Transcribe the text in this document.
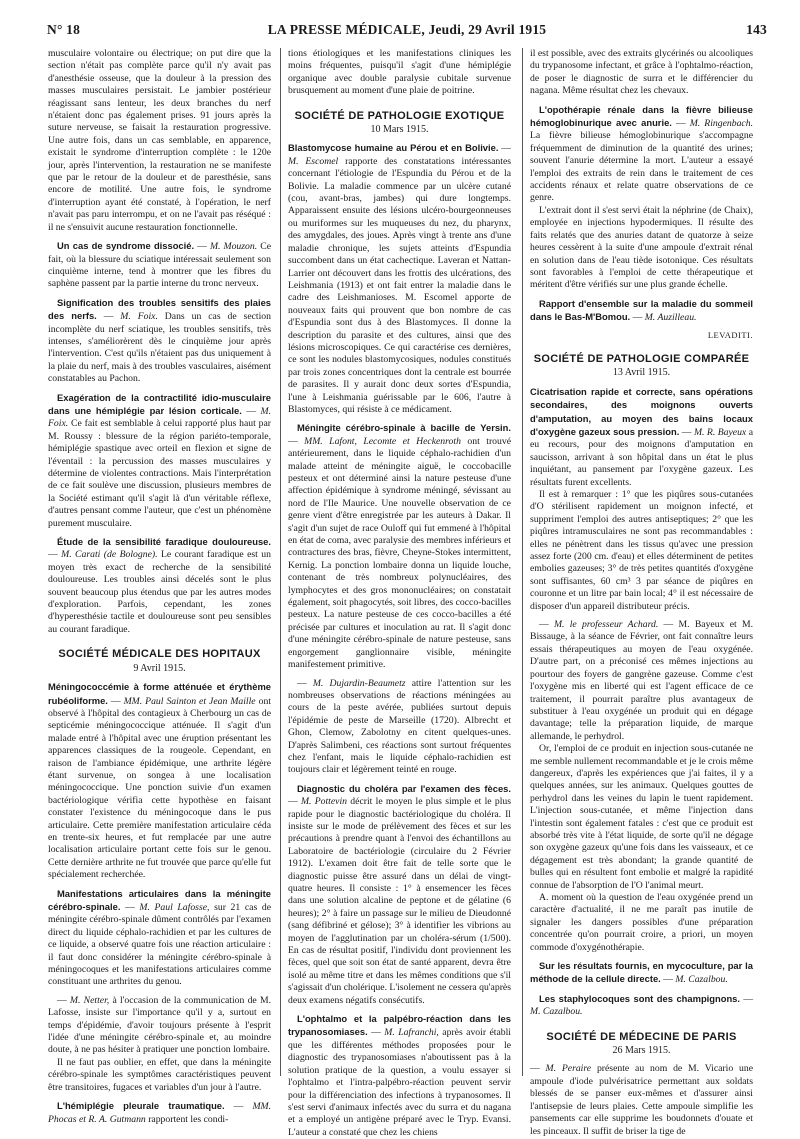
N° 18	LA PRESSE MÉDICALE, Jeudi, 29 Avril 1915	143

musculaire volontaire ou électrique; on put dire que la section n'était pas complète parce qu'il n'y avait pas d'anesthésie osseuse, que la douleur à la pression des masses musculaires persistait. Le jambier postérieur réagissant sans lenteur, les deux branches du nerf n'étaient donc pas également prises. 91 jours après la suture nerveuse, se faisait la restauration progressive. Une autre fois, dans un cas semblable, en apparence, existait le syndrome d'interruption complète : le 120e jour, après l'intervention, la restauration ne se manifeste que par le retour de la douleur et de paresthésie, sans encore de motilité. Une autre fois, le syndrome d'interruption ayant été constaté, à l'opération, le nerf n'avait pas paru interrompu, et on ne l'avait pas réséqué : il ne s'ensuivit aucune restauration fonctionnelle.

Un cas de syndrome dissocié. — M. Mouzon. Ce fait, où la blessure du sciatique intéressait seulement son cinquième interne, tend à montrer que les fibres du saphène passent par la partie interne du tronc nerveux.

Signification des troubles sensitifs des plaies des nerfs. — M. Foix. Dans un cas de section incomplète du nerf sciatique, les troubles sensitifs, très intenses, s'améliorèrent dès le cinquième jour après l'intervention. C'est qu'ils n'étaient pas dus uniquement à la plaie du nerf, mais à des troubles vasculaires, aisément constatables au Pachon.

Exagération de la contractilité idio-musculaire dans une hémiplégie par lésion corticale. — M. Foix. Ce fait est semblable à celui rapporté plus haut par M. Roussy : blessure de la région pariéto-temporale, hémiplégie spastique avec orteil en flexion et signe de l'éventail : la percussion des masses musculaires y détermine de violentes contractions. Mais l'interprétation de ce fait soulève une discussion, plusieurs membres de la Société estimant qu'il s'agit là d'un véritable réflexe, d'autres pensant comme l'auteur, que c'est un phénomène purement musculaire.

Étude de la sensibilité faradique douloureuse. — M. Carati (de Bologne). Le courant faradique est un moyen très exact de recherche de la sensibilité douloureuse. Les troubles ainsi décelés sont le plus souvent beaucoup plus étendus que par les autres modes d'exploration. Parfois, cependant, les zones d'hyperesthésie tactile et douloureuse sont peu sensibles au courant faradique.

SOCIÉTÉ MÉDICALE DES HOPITAUX
9 Avril 1915.

Méningococcémie à forme atténuée et érythème rubéoliforme. — MM. Paul Sainton et Jean Maille ont observé à l'hôpital des contagieux à Cherbourg un cas de septicémie méningococcique atténuée. Il s'agit d'un malade entré à l'hôpital avec une éruption présentant les apparences classiques de la rougeole. Cependant, en raison de l'ambiance épidémique, une arthrite légère étant survenue, on songea à une localisation méningococcique. Une ponction suivie d'un examen bactériologique vérifia cette hypothèse en faisant constater l'existence du méningocoque dans le pus articulaire. Cette première manifestation articulaire céda en trente-six heures, et fut remplacée par une autre localisation articulaire portant cette fois sur le genou. Cette dernière arthrite ne fut trouvée que parce qu'elle fut spécialement recherchée.

Manifestations articulaires dans la méningite cérébro-spinale. — M. Paul Lafosse, sur 21 cas de méningite cérébro-spinale dûment contrôlés par l'examen direct du liquide céphalo-rachidien et par les cultures de ce liquide, a observé quatre fois une réaction articulaire : il faut donc considérer la méningite cérébro-spinale à méningocoques et les manifestations articulaires comme constituant une arthrites du genou.

— M. Netter, à l'occasion de la communication de M. Lafosse, insiste sur l'importance qu'il y a, surtout en temps d'épidémie, d'avoir toujours présente à l'esprit l'idée d'une méningite cérébro-spinale et, au moindre doute, à ne pas hésiter à pratiquer une ponction lombaire.

Il ne faut pas oublier, en effet, que dans la méningite cérébro-spinale les symptômes caractéristiques peuvent être transitoires, fugaces et variables d'un jour à l'autre.

L'hémiplégie pleurale traumatique. — MM. Phocas et R. A. Gutmann rapportent les condi-

tions étiologiques et les manifestations cliniques les moins fréquentes, puisqu'il s'agit d'une hémiplégie organique avec double paralysie cubitale survenue brusquement au moment d'une plaie de poitrine.

SOCIÉTÉ DE PATHOLOGIE EXOTIQUE
10 Mars 1915.

Blastomycose humaine au Pérou et en Bolivie. — M. Escomel rapporte des constatations intéressantes concernant l'étiologie de l'Espundia du Pérou et de la Bolivie. La maladie commence par un ulcère cutané (cou, avant-bras, jambes) qui dure longtemps. Apparaissent ensuite des lésions ulcéro-bourgeonneuses ou muriformes sur les muqueuses du nez, du pharynx, des amygdales, des joues. Après vingt à trente ans d'une maladie chronique, les sujets atteints d'Espundia succombent dans un état cachectique. Laveran et Nattan-Larrier ont découvert dans les frottis des ulcérations, des Leishmania (1913) et ont fait entrer la maladie dans le cadre des Leishmanioses. M. Escomel apporte de nouveaux faits qui prouvent que bon nombre de cas d'Espundia sont dus à des Blastomyces. Il donne la description du parasite et des cultures, ainsi que des lésions microscopiques. Ce qui caractérise ces dernières, ce sont les nodules blastomycosiques, nodules constitués par trois zones concentriques dont la centrale est bourrée de parasites. Il y aurait donc deux sortes d'Espundia, l'une à Leishmania guérissable par le 606, l'autre à Blastomyces, qui résiste à ce médicament.

Méningite cérébro-spinale à bacille de Yersin. — MM. Lafont, Lecomte et Heckenroth ont trouvé antérieurement, dans le liquide céphalo-rachidien d'un malade atteint de méningite aiguë, le coccobacille pesteux et ont déterminé ainsi la nature pesteuse d'une affection épidémique à syndrome méningé, sévissant au nord de l'Ile Maurice. Une nouvelle observation de ce genre vient d'être enregistrée par les auteurs à Dakar. Il s'agit d'un sujet de race Ouloff qui fut emmené à l'hôpital en état de coma, avec paralysie des membres inférieurs et contractures des bras, fièvre, Cheyne-Stokes intermittent, Kernig. La ponction lombaire donna un liquide louche, contenant de très nombreux polynucléaires, des lymphocytes et des gros mononucléaires; on constatait également, soit phagocytés, soit libres, des cocco-bacilles pesteux. La nature pesteuse de ces cocco-bacilles a été précisée par cultures et inoculation au rat. Il s'agit donc d'une méningite cérébro-spinale de nature pesteuse, sans engorgement ganglionnaire visible, méningite manifestement primitive.

— M. Dujardin-Beaumetz attire l'attention sur les nombreuses observations de réactions méningées au cours de la peste avérée, publiées surtout depuis l'épidémie de peste de Marseille (1720). Albrecht et Ghon, Clemow, Zabolotny en citent quelques-unes. D'après Salimbeni, ces réactions sont surtout fréquentes chez l'enfant, mais le liquide céphalo-rachidien est toujours clair et légèrement teinté en rouge.

Diagnostic du choléra par l'examen des fèces. — M. Pottevin décrit le moyen le plus simple et le plus rapide pour le diagnostic bactériologique du choléra. Il insiste sur le mode de prélèvement des fèces et sur les précautions à prendre quant à l'envoi des échantillons au Laboratoire de bactériologie (circulaire du 2 Février 1912). L'examen doit être fait de telle sorte que le diagnostic puisse être assuré dans un délai de vingt-quatre heures. Il consiste : 1° à ensemencer les fèces dans une solution alcaline de peptone et de gélatine (6 heures); 2° à faire un passage sur le milieu de Dieudonné (sang défibriné et gélose); 3° à identifier les vibrions au moyen de l'agglutination par un choléra-sérum (1/500). En cas de résultat positif, l'individu dont proviennent les fèces, quel que soit son état de santé apparent, devra être isolé au même titre et dans les mêmes conditions que s'il s'agissait d'un cholérique. L'isolement ne cessera qu'après deux examens négatifs consécutifs.

L'ophtalmo et la palpébro-réaction dans les trypanosomiases. — M. Lafranchi, après avoir établi que les différentes méthodes proposées pour le diagnostic des trypanosomiases n'aboutissent pas à la solution pratique de la question, a voulu essayer si l'ophtalmo et l'intra-palpébro-réaction peuvent servir pour la différenciation des infections à trypanosomes. Il s'est servi d'animaux infectés avec du surra et du nagana et a employé un antigène préparé avec le Tryp. Evansi. L'auteur a constaté que chez les chiens

il est possible, avec des extraits glycérinés ou alcooliques du trypanosome infectant, et grâce à l'ophtalmo-réaction, de poser le diagnostic de surra et le différencier du nagana. Même résultat chez les chevaux.

L'opothérapie rénale dans la fièvre bilieuse hémoglobinurique avec anurie. — M. Ringenbach. La fièvre bilieuse hémoglobinurique s'accompagne fréquemment de diminution de la quantité des urines; souvent l'anurie détermine la mort. L'auteur a essayé l'emploi des extraits de rein dans le traitement de ces accidents rénaux et relate quatre observations de ce genre.

L'extrait dont il s'est servi était la néphrine (de Chaix), employée en injections hypodermiques. Il résulte des faits relatés que des anuries datant de quatorze à seize heures cessèrent à la suite d'une ampoule d'extrait rénal en solution dans de l'eau tiède isotonique. Ces résultats sont favorables à l'emploi de cette thérapeutique et méritent d'être vérifiés sur une plus grande échelle.

Rapport d'ensemble sur la maladie du sommeil dans le Bas-M'Bomou. — M. Auzilleau.

LEVADITI.
SOCIÉTÉ DE PATHOLOGIE COMPARÉE
13 Avril 1915.

Cicatrisation rapide et correcte, sans opérations secondaires, des moignons ouverts d'amputation, au moyen des bains locaux d'oxygène gazeux sous pression. — M. R. Bayeux a eu recours, pour des moignons d'amputation en saucisson, arrivant à son hôpital dans un état le plus inquiétant, au pansement par l'oxygène gazeux. Les résultats furent excellents.

Il est à remarquer : 1° que les piqûres sous-cutanées d'O stérilisent rapidement un moignon infecté, et suppriment l'emploi des autres antiseptiques; 2° que les piqûres intramusculaires ne sont pas recommandables : elles ne pénètrent dans les tissus qu'avec une pression assez forte (200 cm. d'eau) et elles déterminent de petites embolies gazeuses; 3° de très petites quantités d'oxygène sont suffisantes, 60 cm³ 3 par séance de piqûres en couronne et un litre par bain local; 4° il est nécessaire de disposer d'un appareil distributeur précis.

— M. le professeur Achard. — M. Bayeux et M. Bissauge, à la séance de Février, ont fait connaître leurs essais thérapeutiques au moyen de l'eau oxygénée. D'autre part, on a préconisé ces mêmes injections au pourtour des foyers de gangrène gazeuse. Comme c'est l'oxygène mis en liberté qui est l'agent efficace de ce traitement, il pourrait paraître plus avantageux de substituer à l'eau oxygénée un produit qui en dégage davantage; telle la préparation liquide, de marque allemande, le perhydrol.

Or, l'emploi de ce produit en injection sous-cutanée ne me semble nullement recommandable et je le crois même dangereux, d'après les expériences que j'ai faites, il y a quelques années, sur les animaux. Quelques gouttes de perhydrol dans les veines du lapin le tuent rapidement. L'injection sous-cutanée, et même l'injection dans l'intestin sont également fatales : c'est que ce produit est absorbé très vite à l'état liquide, de sorte qu'il ne dégage son oxygène gazeux qu'une fois dans les vaisseaux, et ce dégagement est très abondant; la grande quantité de bulles qui en résultent font embolie et malgré la rapidité connue de l'absorption de l'O l'animal meurt.

A. moment où la question de l'eau oxygénée prend un caractère d'actualité, il ne me paraît pas inutile de signaler les dangers possibles d'une préparation concentrée qu'on pourrait croire, a priori, un moyen commode d'oxygénothérapie.

Sur les résultats fournis, en mycoculture, par la méthode de la cellule directe. — M. Cazalbou.

Les staphylocoques sont des champignons. — M. Cazalbou.

SOCIÉTÉ DE MÉDECINE DE PARIS
26 Mars 1915.

— M. Peraire présente au nom de M. Vicario une ampoule d'iode pulvérisatrice permettant aux soldats blessés de se panser eux-mêmes et d'assurer ainsi l'antisepsie de leurs plaies. Cette ampoule simplifie les pansements car elle supprime les boudonnets d'ouate et les pinceaux. Il suffit de briser la tige de
